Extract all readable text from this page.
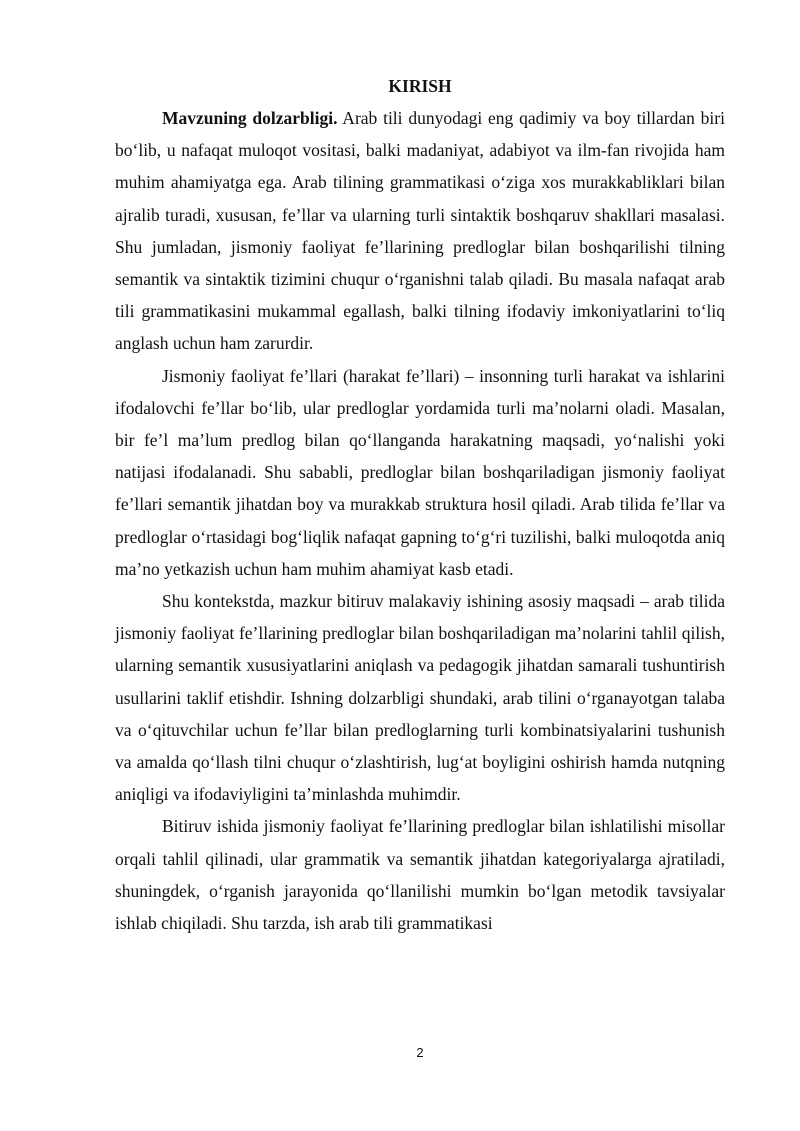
KIRISH

Mavzuning dolzarbligi. Arab tili dunyodagi eng qadimiy va boy tillardan biri bo‘lib, u nafaqat muloqot vositasi, balki madaniyat, adabiyot va ilm-fan rivojida ham muhim ahamiyatga ega. Arab tilining grammatikasi o‘ziga xos murakkabliklari bilan ajralib turadi, xususan, fe’llar va ularning turli sintaktik boshqaruv shakllari masalasi. Shu jumladan, jismoniy faoliyat fe’llarining predloglar bilan boshqarilishi tilning semantik va sintaktik tizimini chuqur o‘rganishni talab qiladi. Bu masala nafaqat arab tili grammatikasini mukammal egallash, balki tilning ifodaviy imkoniyatlarini to‘liq anglash uchun ham zarurdir.

Jismoniy faoliyat fe’llari (harakat fe’llari) – insonning turli harakat va ishlarini ifodalovchi fe’llar bo‘lib, ular predloglar yordamida turli ma’nolarni oladi. Masalan, bir fe’l ma’lum predlog bilan qo‘llanganda harakatning maqsadi, yo‘nalishi yoki natijasi ifodalanadi. Shu sababli, predloglar bilan boshqariladigan jismoniy faoliyat fe’llari semantik jihatdan boy va murakkab struktura hosil qiladi. Arab tilida fe’llar va predloglar o‘rtasidagi bog‘liqlik nafaqat gapning to‘g‘ri tuzilishi, balki muloqotda aniq ma’no yetkazish uchun ham muhim ahamiyat kasb etadi.

Shu kontekstda, mazkur bitiruv malakaviy ishining asosiy maqsadi – arab tilida jismoniy faoliyat fe’llarining predloglar bilan boshqariladigan ma’nolarini tahlil qilish, ularning semantik xususiyatlarini aniqlash va pedagogik jihatdan samarali tushuntirish usullarini taklif etishdir. Ishning dolzarbligi shundaki, arab tilini o‘rganayotgan talaba va o‘qituvchilar uchun fe’llar bilan predloglarning turli kombinatsiyalarini tushunish va amalda qo‘llash tilni chuqur o‘zlashtirish, lug‘at boyligini oshirish hamda nutqning aniqligi va ifodaviyligini ta’minlashda muhimdir.

Bitiruv ishida jismoniy faoliyat fe’llarining predloglar bilan ishlatilishi misollar orqali tahlil qilinadi, ular grammatik va semantik jihatdan kategoriyalarga ajratiladi, shuningdek, o‘rganish jarayonida qo‘llanilishi mumkin bo‘lgan metodik tavsiyalar ishlab chiqiladi. Shu tarzda, ish arab tili grammatikasi

2
